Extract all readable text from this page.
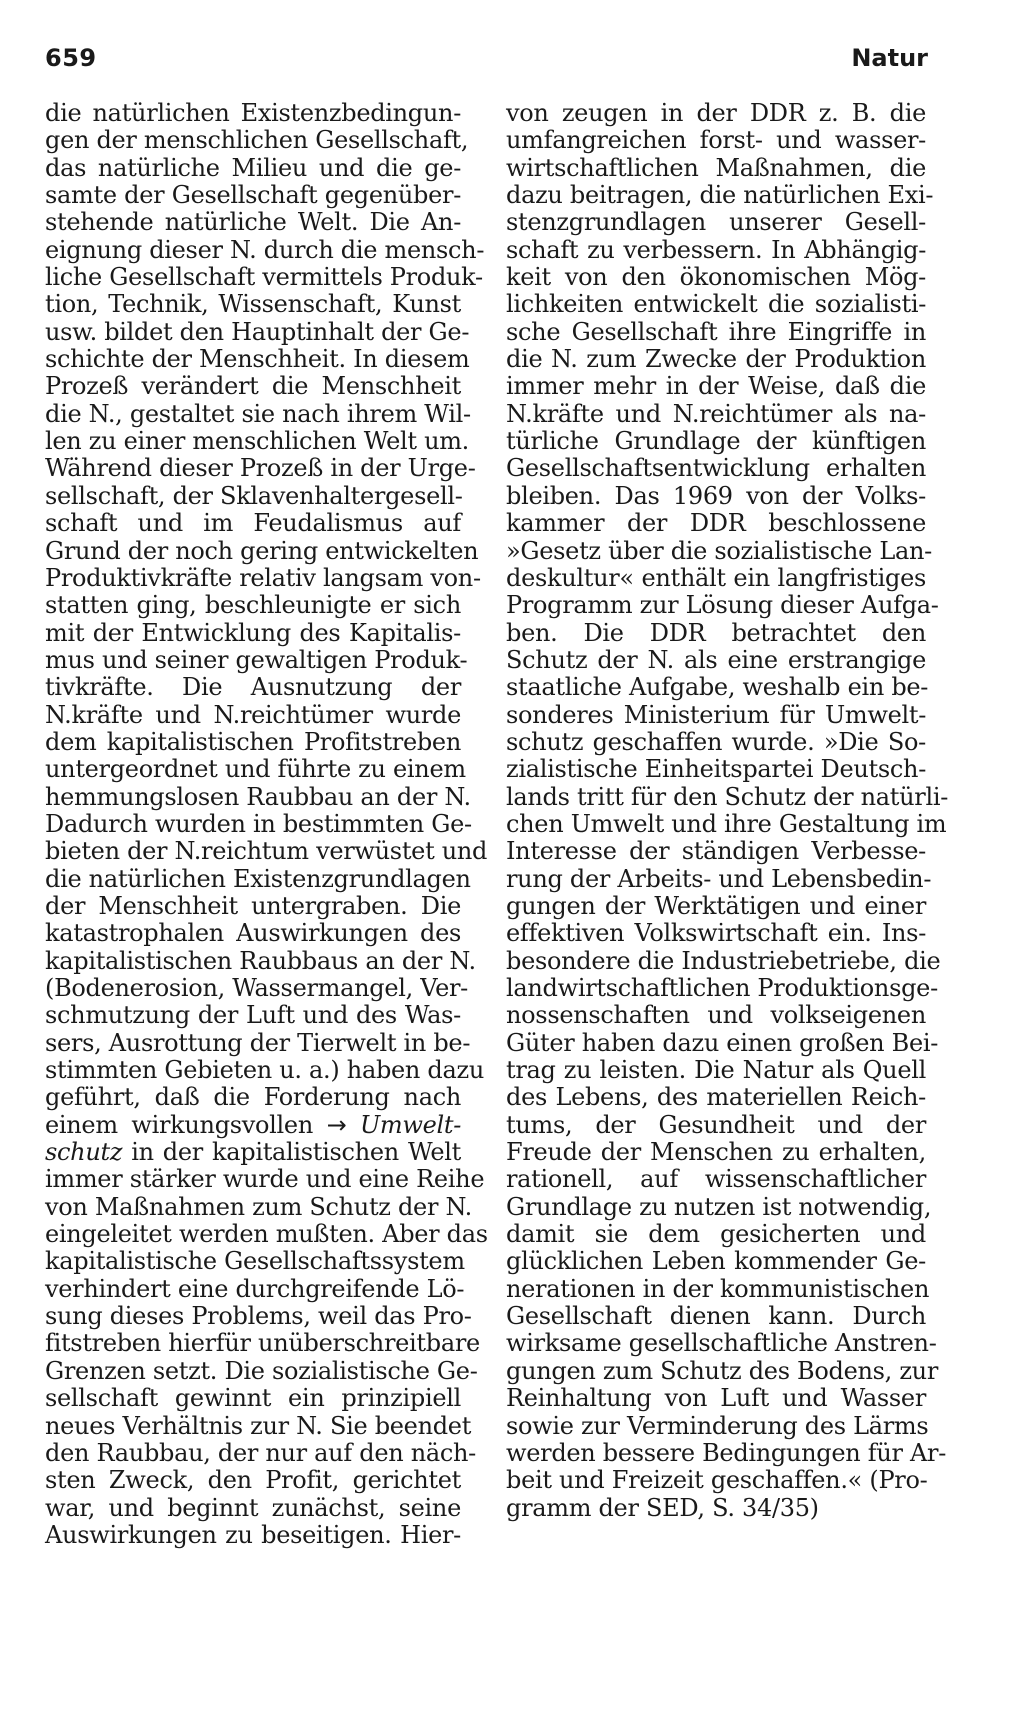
659	Natur
die natürlichen Existenzbedingun-
gen der menschlichen Gesellschaft,
das natürliche Milieu und die ge-
samte der Gesellschaft gegenüber-
stehende natürliche Welt. Die An-
eignung dieser N. durch die mensch-
liche Gesellschaft vermittels Produk-
tion, Technik, Wissenschaft, Kunst
usw. bildet den Hauptinhalt der Ge-
schichte der Menschheit. In diesem
Prozeß verändert die Menschheit
die N., gestaltet sie nach ihrem Wil-
len zu einer menschlichen Welt um.
Während dieser Prozeß in der Urge-
sellschaft, der Sklavenhaltergesell-
schaft und im Feudalismus auf
Grund der noch gering entwickelten
Produktivkräfte relativ langsam von-
statten ging, beschleunigte er sich
mit der Entwicklung des Kapitalis-
mus und seiner gewaltigen Produk-
tivkräfte. Die Ausnutzung der
N.kräfte und N.reichtümer wurde
dem kapitalistischen Profitstreben
untergeordnet und führte zu einem
hemmungslosen Raubbau an der N.
Dadurch wurden in bestimmten Ge-
bieten der N.reichtum verwüstet und
die natürlichen Existenzgrundlagen
der Menschheit untergraben. Die
katastrophalen Auswirkungen des
kapitalistischen Raubbaus an der N.
(Bodenerosion, Wassermangel, Ver-
schmutzung der Luft und des Was-
sers, Ausrottung der Tierwelt in be-
stimmten Gebieten u. a.) haben dazu
geführt, daß die Forderung nach
einem wirkungsvollen → Umwelt-
schutz in der kapitalistischen Welt
immer stärker wurde und eine Reihe
von Maßnahmen zum Schutz der N.
eingeleitet werden mußten. Aber das
kapitalistische Gesellschaftssystem
verhindert eine durchgreifende Lö-
sung dieses Problems, weil das Pro-
fitstreben hierfür unüberschreitbare
Grenzen setzt. Die sozialistische Ge-
sellschaft gewinnt ein prinzipiell
neues Verhältnis zur N. Sie beendet
den Raubbau, der nur auf den näch-
sten Zweck, den Profit, gerichtet
war, und beginnt zunächst, seine
Auswirkungen zu beseitigen. Hier-
von zeugen in der DDR z. B. die
umfangreichen forst- und wasser-
wirtschaftlichen Maßnahmen, die
dazu beitragen, die natürlichen Exi-
stenzgrundlagen unserer Gesell-
schaft zu verbessern. In Abhängig-
keit von den ökonomischen Mög-
lichkeiten entwickelt die sozialisti-
sche Gesellschaft ihre Eingriffe in
die N. zum Zwecke der Produktion
immer mehr in der Weise, daß die
N.kräfte und N.reichtümer als na-
türliche Grundlage der künftigen
Gesellschaftsentwicklung erhalten
bleiben. Das 1969 von der Volks-
kammer der DDR beschlossene
»Gesetz über die sozialistische Lan-
deskultur« enthält ein langfristiges
Programm zur Lösung dieser Aufga-
ben. Die DDR betrachtet den
Schutz der N. als eine erstrangige
staatliche Aufgabe, weshalb ein be-
sonderes Ministerium für Umwelt-
schutz geschaffen wurde. »Die So-
zialistische Einheitspartei Deutsch-
lands tritt für den Schutz der natürli-
chen Umwelt und ihre Gestaltung im
Interesse der ständigen Verbesse-
rung der Arbeits- und Lebensbedin-
gungen der Werktätigen und einer
effektiven Volkswirtschaft ein. Ins-
besondere die Industriebetriebe, die
landwirtschaftlichen Produktionsge-
nossenschaften und volkseigenen
Güter haben dazu einen großen Bei-
trag zu leisten. Die Natur als Quell
des Lebens, des materiellen Reich-
tums, der Gesundheit und der
Freude der Menschen zu erhalten,
rationell, auf wissenschaftlicher
Grundlage zu nutzen ist notwendig,
damit sie dem gesicherten und
glücklichen Leben kommender Ge-
nerationen in der kommunistischen
Gesellschaft dienen kann. Durch
wirksame gesellschaftliche Anstren-
gungen zum Schutz des Bodens, zur
Reinhaltung von Luft und Wasser
sowie zur Verminderung des Lärms
werden bessere Bedingungen für Ar-
beit und Freizeit geschaffen.« (Pro-
gramm der SED, S. 34/35)
